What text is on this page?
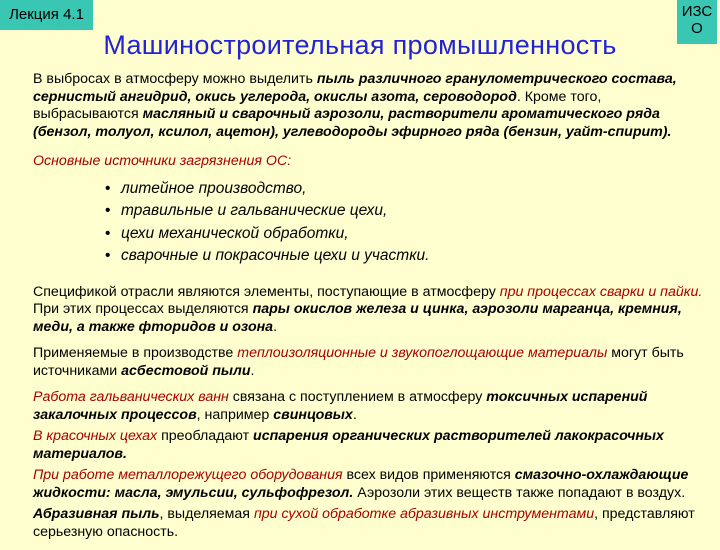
Лекция 4.1	ИЗС
О
Машиностроительная промышленность

В выбросах в атмосферу можно выделить пыль различного гранулометрического состава, сернистый ангидрид, окись углерода, окислы азота, сероводород. Кроме того, выбрасываются масляный и сварочный аэрозоли, растворители ароматического ряда (бензол, толуол, ксилол, ацетон), углеводороды эфирного ряда (бензин, уайт-спирит).

Основные источники загрязнения ОС:
• литейное производство,
• травильные и гальванические цехи,
• цехи механической обработки,
• сварочные и покрасочные цехи и участки.

Спецификой отрасли являются элементы, поступающие в атмосферу при процессах сварки и пайки. При этих процессах выделяются пары окислов железа и цинка, аэрозоли марганца, кремния, меди, а также фторидов и озона.

Применяемые в производстве теплоизоляционные и звукопоглощающие материалы могут быть источниками асбестовой пыли.

Работа гальванических ванн связана с поступлением в атмосферу токсичных испарений закалочных процессов, например свинцовых.

В красочных цехах преобладают испарения органических растворителей лакокрасочных материалов.

При работе металлорежущего оборудования всех видов применяются смазочно-охлаждающие жидкости: масла, эмульсии, сульфофрезол. Аэрозоли этих веществ также попадают в воздух.

Абразивная пыль, выделяемая при сухой обработке абразивных инструментами, представляют серьезную опасность.
